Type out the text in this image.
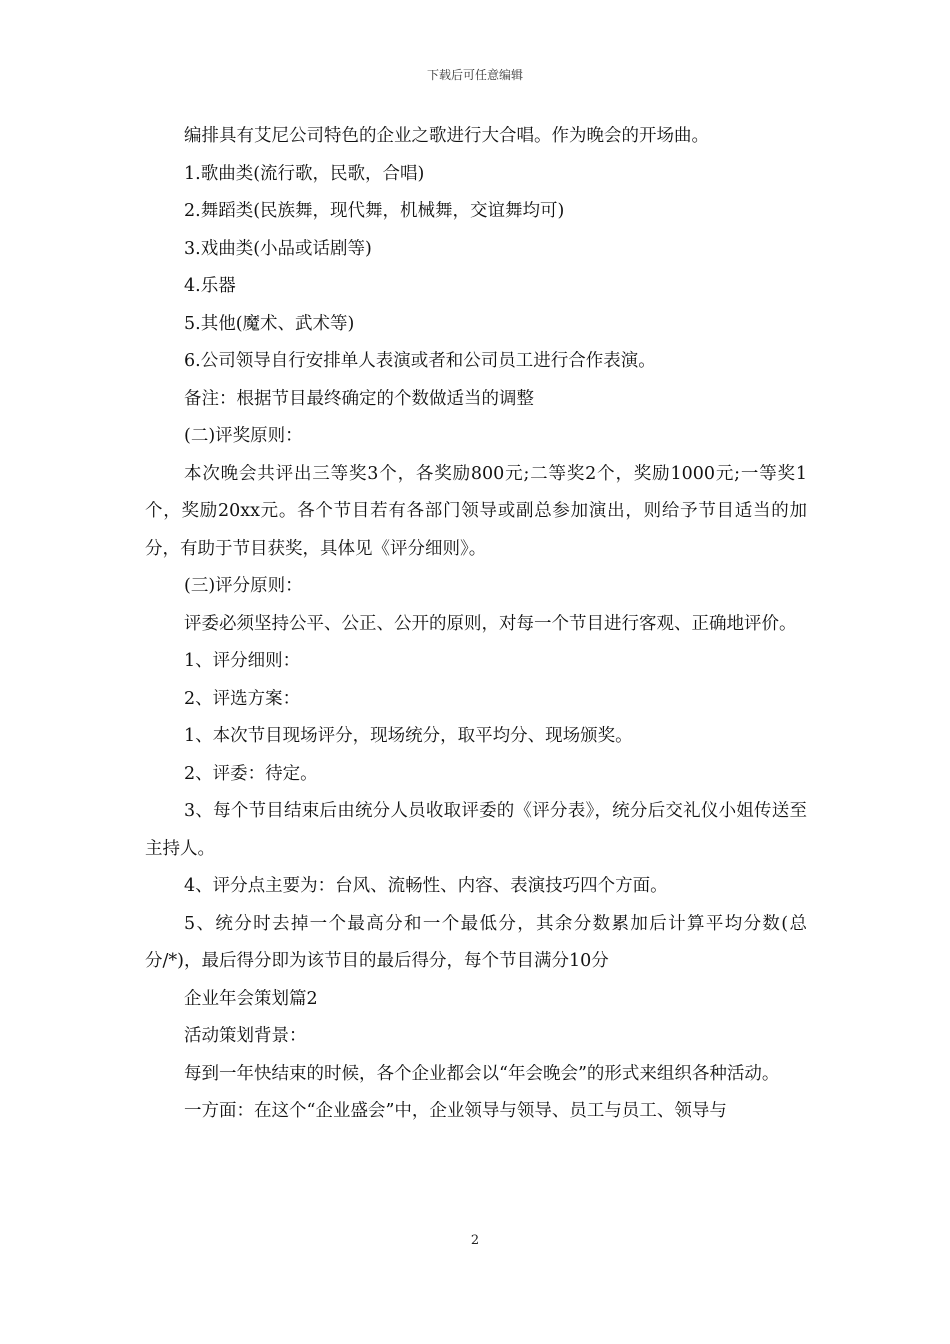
下载后可任意编辑

编排具有艾尼公司特色的企业之歌进行大合唱。作为晚会的开场曲。

1.歌曲类(流行歌，民歌，合唱)

2.舞蹈类(民族舞，现代舞，机械舞，交谊舞均可)

3.戏曲类(小品或话剧等)

4.乐器

5.其他(魔术、武术等)

6.公司领导自行安排单人表演或者和公司员工进行合作表演。

备注：根据节目最终确定的个数做适当的调整

(二)评奖原则：

本次晚会共评出三等奖3个，各奖励800元;二等奖2个，奖励1000元;一等奖1个，奖励20xx元。各个节目若有各部门领导或副总参加演出，则给予节目适当的加分，有助于节目获奖，具体见《评分细则》。

(三)评分原则：

评委必须坚持公平、公正、公开的原则，对每一个节目进行客观、正确地评价。

1、评分细则：

2、评选方案：

1、本次节目现场评分，现场统分，取平均分、现场颁奖。

2、评委：待定。

3、每个节目结束后由统分人员收取评委的《评分表》，统分后交礼仪小姐传送至主持人。

4、评分点主要为：台风、流畅性、内容、表演技巧四个方面。

5、统分时去掉一个最高分和一个最低分，其余分数累加后计算平均分数(总分/*)，最后得分即为该节目的最后得分，每个节目满分10分

企业年会策划篇2

活动策划背景：

每到一年快结束的时候，各个企业都会以“年会晚会”的形式来组织各种活动。

一方面：在这个“企业盛会”中，企业领导与领导、员工与员工、领导与

2
